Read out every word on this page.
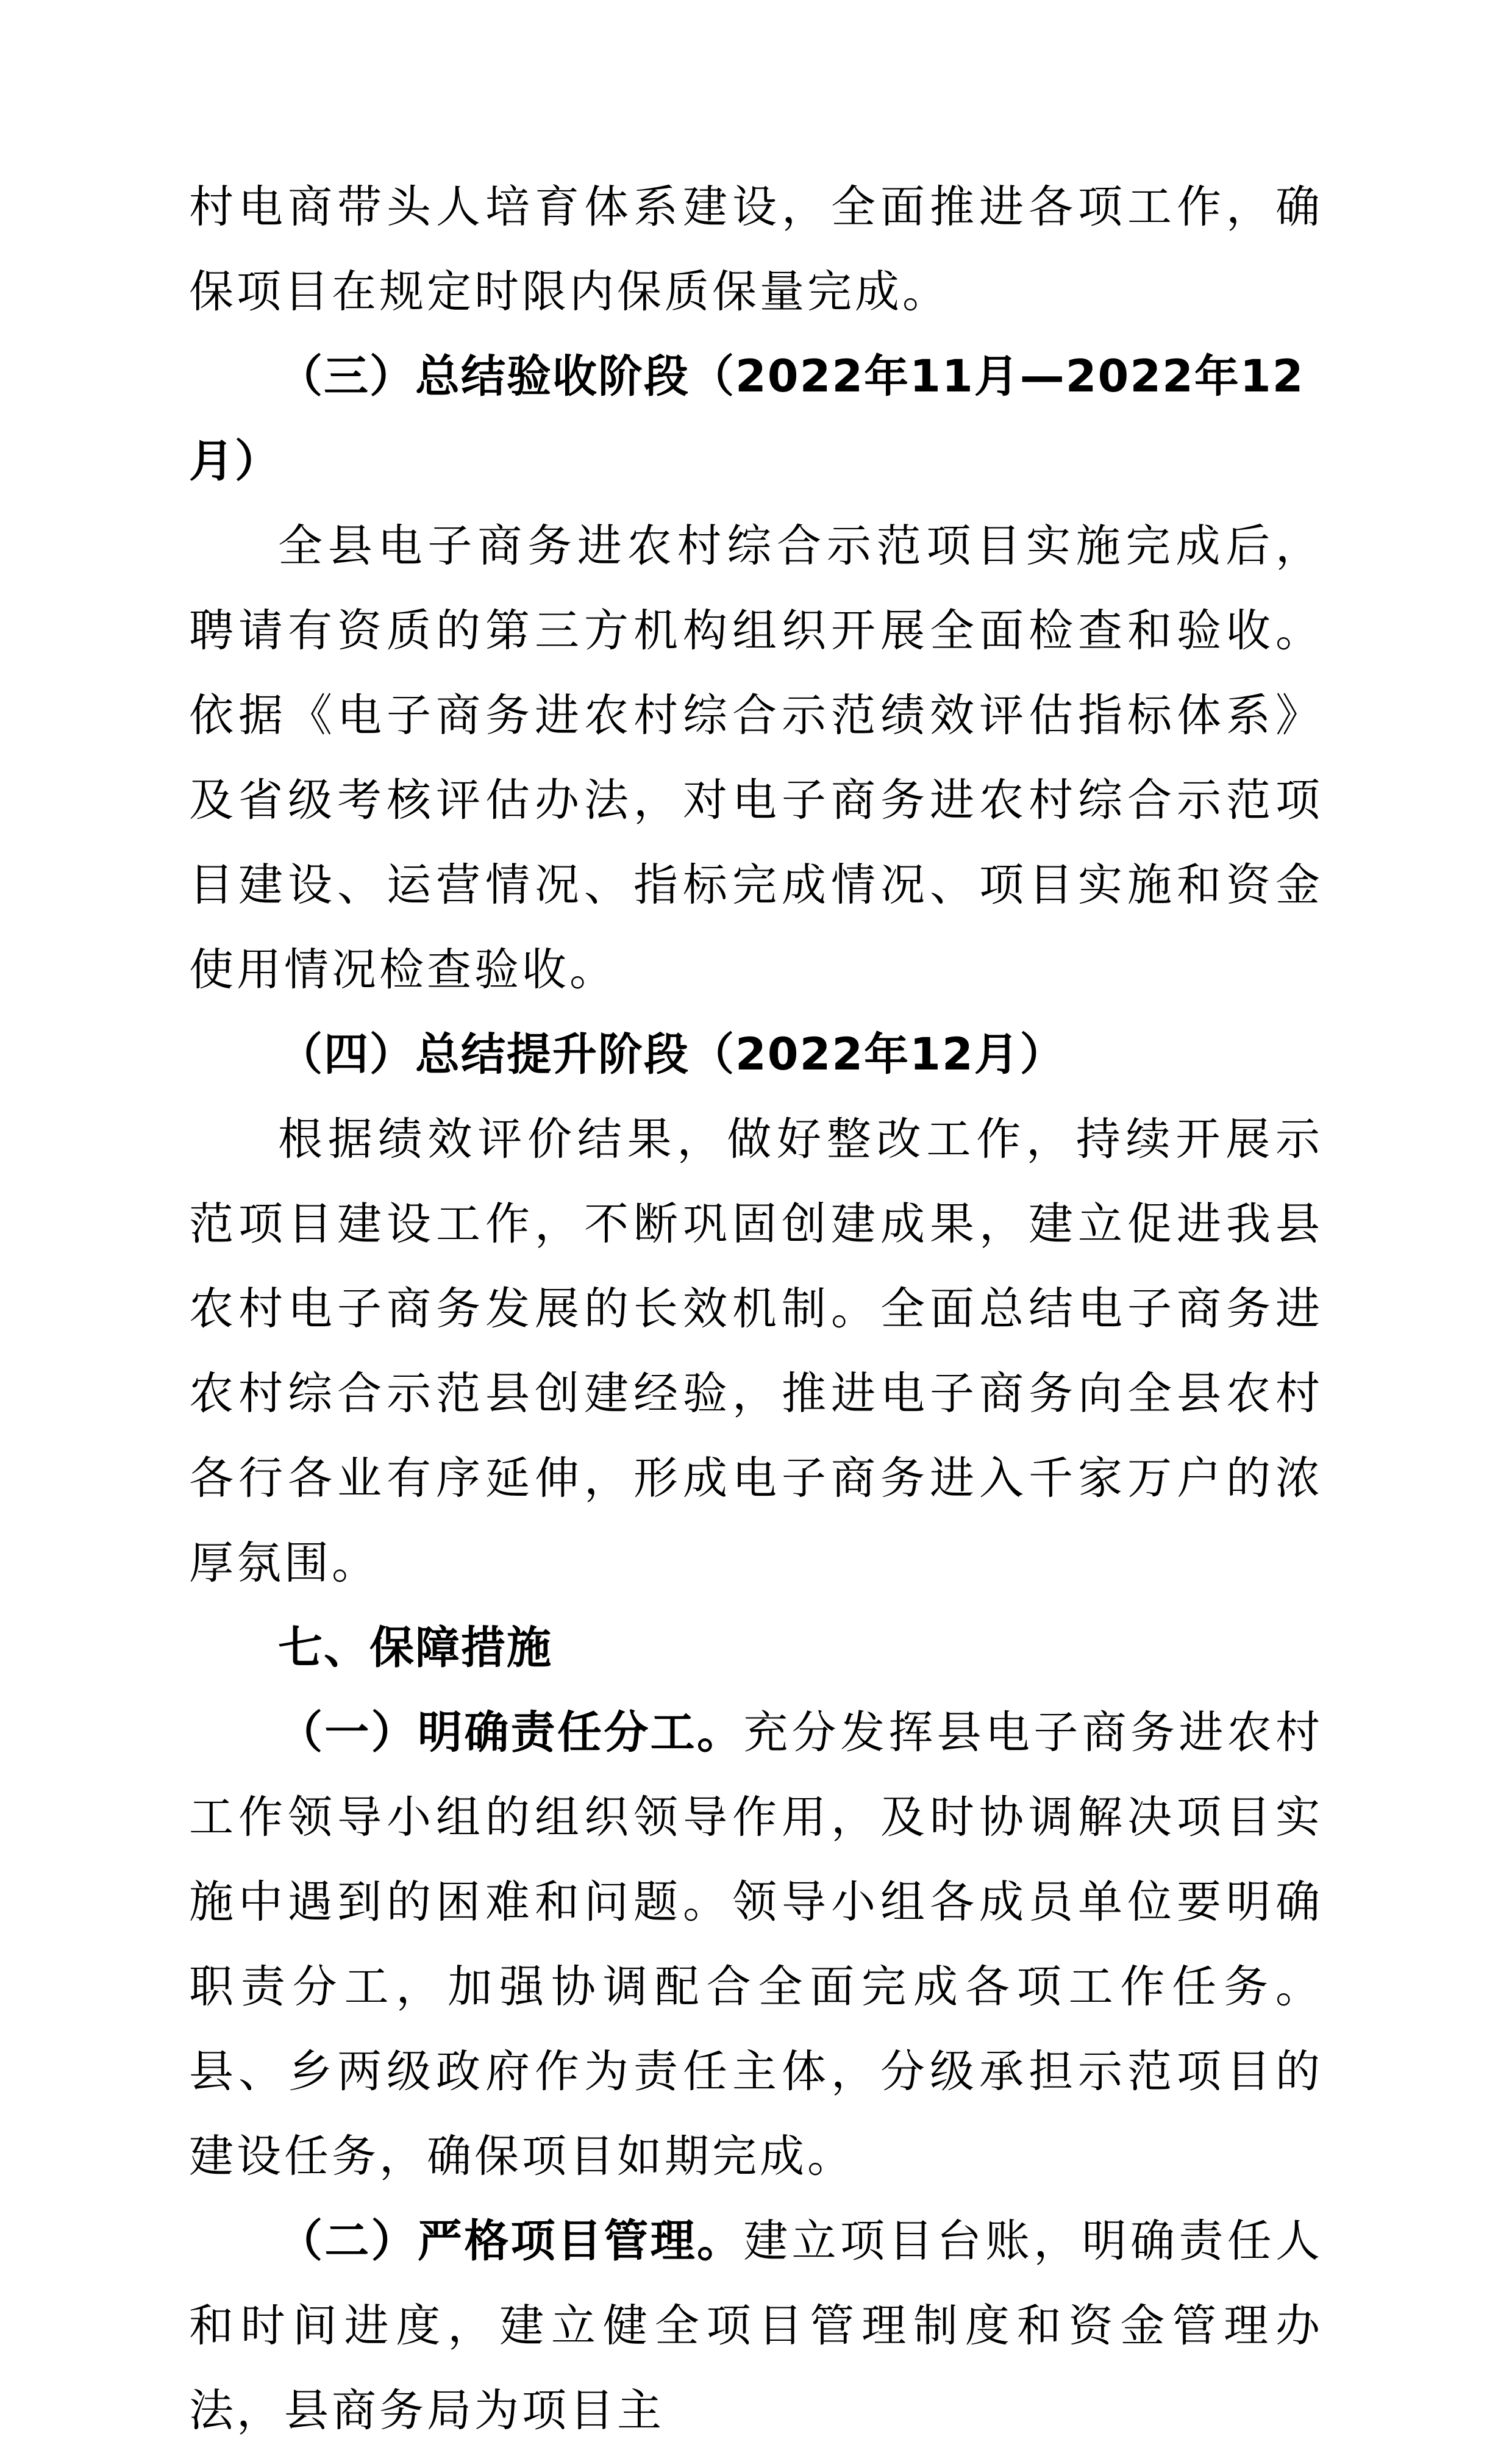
村电商带头人培育体系建设，全面推进各项工作，确保项目在规定时限内保质保量完成。

（三）总结验收阶段（2022年11月—2022年12月）

全县电子商务进农村综合示范项目实施完成后，聘请有资质的第三方机构组织开展全面检查和验收。依据《电子商务进农村综合示范绩效评估指标体系》及省级考核评估办法，对电子商务进农村综合示范项目建设、运营情况、指标完成情况、项目实施和资金使用情况检查验收。

（四）总结提升阶段（2022年12月）

根据绩效评价结果，做好整改工作，持续开展示范项目建设工作，不断巩固创建成果，建立促进我县农村电子商务发展的长效机制。全面总结电子商务进农村综合示范县创建经验，推进电子商务向全县农村各行各业有序延伸，形成电子商务进入千家万户的浓厚氛围。

七、保障措施

（一）明确责任分工。充分发挥县电子商务进农村工作领导小组的组织领导作用，及时协调解决项目实施中遇到的困难和问题。领导小组各成员单位要明确职责分工，加强协调配合全面完成各项工作任务。县、乡两级政府作为责任主体，分级承担示范项目的建设任务，确保项目如期完成。

（二）严格项目管理。建立项目台账，明确责任人和时间进度，建立健全项目管理制度和资金管理办法，县商务局为项目主
